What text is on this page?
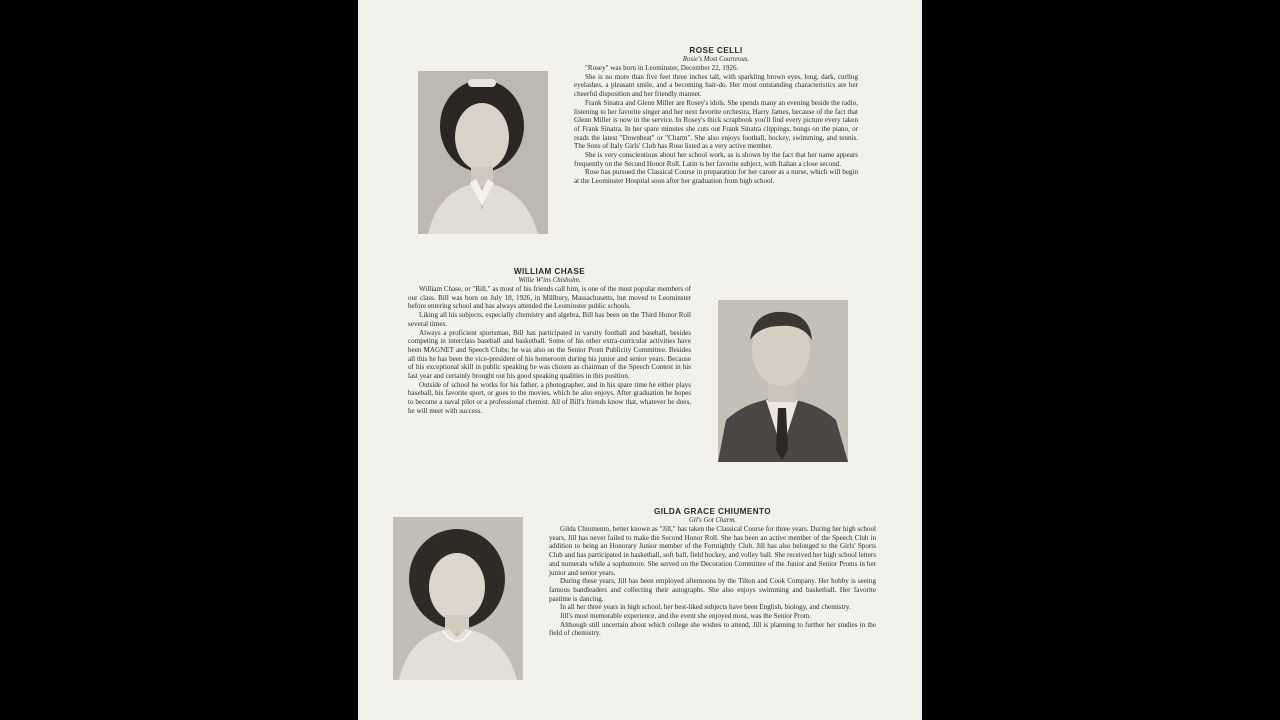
ROSE CELLI
Rosie's Most Courteous.

"Rosey" was born in Leominster, December 22, 1926.

She is no more than five feet three inches tall, with sparkling brown eyes, long, dark, curling eyelashes, a pleasant smile, and a becoming hair-do. Her most outstanding characteristics are her cheerful disposition and her friendly manner.

Frank Sinatra and Glenn Miller are Rosey's idols. She spends many an evening beside the radio, listening to her favorite singer and her next favorite orchestra, Harry James, because of the fact that Glenn Miller is now in the service. In Rosey's thick scrapbook you'll find every picture every taken of Frank Sinatra. In her spare minutes she cuts out Frank Sinatra clippings, bongs on the piano, or reads the latest "Downbeat" or "Charm". She also enjoys football, hockey, swimming, and tennis. The Sons of Italy Girls' Club has Rose listed as a very active member.

She is very conscientious about her school work, as is shown by the fact that her name appears frequently on the Second Honor Roll. Latin is her favorite subject, with Italian a close second.

Rose has pursued the Classical Course in preparation for her career as a nurse, which will begin at the Leominster Hospital soon after her graduation from high school.

WILLIAM CHASE
Willie W'ins Chisholm.

William Chase, or "Bill," as most of his friends call him, is one of the most popular members of our class. Bill was born on July 18, 1926, in Millbury, Massachusetts, but moved to Leominster before entering school and has always attended the Leominster public schools.

Liking all his subjects, especially chemistry and algebra, Bill has been on the Third Honor Roll several times.

Always a proficient sportsman, Bill has participated in varsity football and baseball, besides competing in interclass baseball and basketball. Some of his other extra-curricular activities have been MAGNET and Speech Clubs; he was also on the Senior Prom Publicity Committee. Besides all this he has been the vice-president of his homeroom during his junior and senior years. Because of his exceptional skill in public speaking he was chosen as chairman of the Speech Contest in his last year and certainly brought out his good speaking qualities in this position.

Outside of school he works for his father, a photographer, and in his spare time he either plays baseball, his favorite sport, or goes to the movies, which he also enjoys. After graduation he hopes to become a naval pilot or a professional chemist. All of Bill's friends know that, whatever he does, he will meet with success.

GILDA GRACE CHIUMENTO
Gil's Got Charm.

Gilda Chiumento, better known as "Jill," has taken the Classical Course for three years. During her high school years, Jill has never failed to make the Second Honor Roll. She has been an active member of the Speech Club in addition to being an Honorary Junior member of the Fortnightly Club. Jill has also belonged to the Girls' Sports Club and has participated in basketball, soft ball, field hockey, and volley ball. She received her high school letters and numerals while a sophomore. She served on the Decoration Committee of the Junior and Senior Proms in her junior and senior years.

During these years, Jill has been employed afternoons by the Tilton and Cook Company. Her hobby is seeing famous bandleaders and collecting their autographs. She also enjoys swimming and basketball. Her favorite pastime is dancing.

In all her three years in high school, her best-liked subjects have been English, biology, and chemistry.

Jill's most memorable experience, and the event she enjoyed most, was the Senior Prom.

Although still uncertain about which college she wishes to attend, Jill is planning to further her studies in the field of chemistry.
